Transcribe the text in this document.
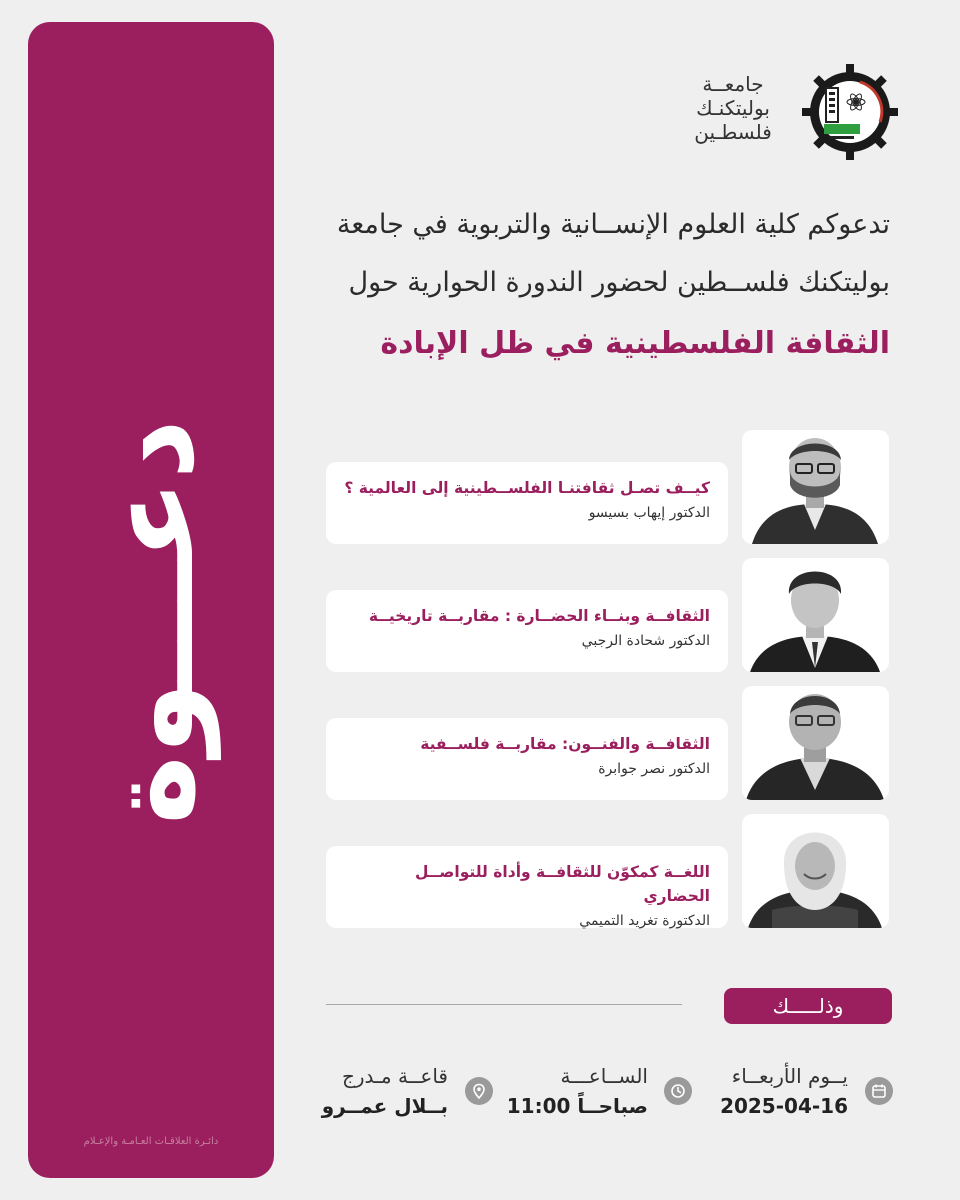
دعـــوة
دائـرة العلاقـات العـامـة والإعـلام
جامعــة
بوليتكنـك
فلسطـين
تدعوكم كلية العلوم الإنســانية والتربوية في جامعة
بوليتكنك فلســطين لحضور الندورة الحوارية حول
الثقافة الفلسطينية في ظل الإبادة
كيــف تصـل ثقافتنـا الفلســطينية إلى العالمية ؟
الدكتور إيهاب بسيسو
الثقافــة وبنــاء الحضــارة : مقاربــة تاريخيــة
الدكتور شحادة الرجبي
الثقافــة والفنــون: مقاربــة فلســفية
الدكتور نصر جوابرة
اللغــة كمكوّن للثقافــة وأداة للتواصــل الحضاري
الدكتورة تغريد التميمي
وذلـــــك
يــوم الأربعــاء
2025-04-16
الســاعـــة
11:00 صباحــاً
قاعــة مـدرج
بــلال عمــرو
